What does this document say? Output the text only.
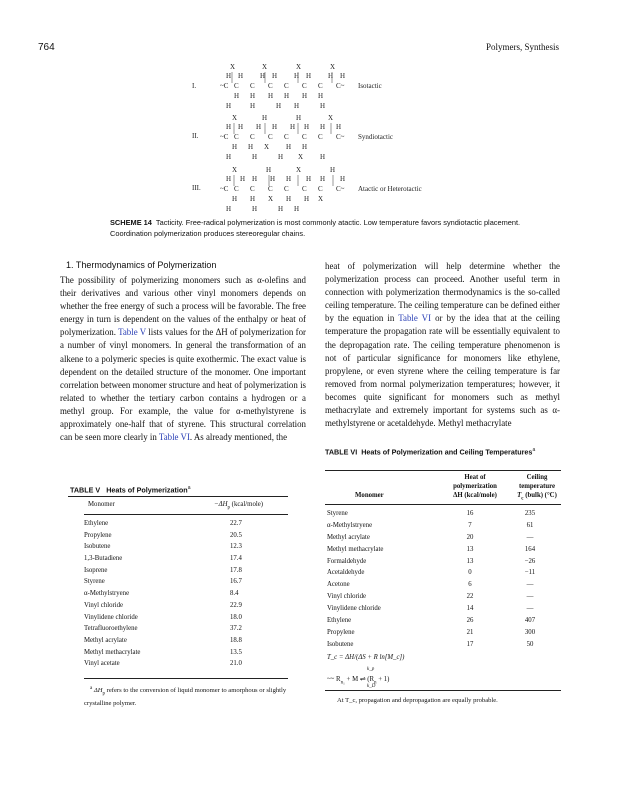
764	Polymers, Synthesis
I.
X	X	X	X
H H H H H H H H
~C C C C C C C C~
H H H H H H
H	H	H H	H
Isotactic
II.
X	H	H	X
H H H H H H H H
~C C C C C C C C~
H H X H H
H	H	H X H
Syndiotactic
III.
X	H	X	H
H H H H H H H H
~C C C C C C C C~
H H X H H X
H	H	H H
Atactic or Heterotactic
SCHEME 14 Tacticity. Free-radical polymerization is most commonly atactic. Low temperature favors syndiotactic placement. Coordination polymerization produces stereoregular chains.
1. Thermodynamics of Polymerization

The possibility of polymerizing monomers such as α-olefins and their derivatives and various other vinyl monomers depends on whether the free energy of such a process will be favorable. The free energy in turn is dependent on the values of the enthalpy or heat of polymerization. Table V lists values for the ΔH of polymerization for a number of vinyl monomers. In general the transformation of an alkene to a polymeric species is quite exothermic. The exact value is dependent on the detailed structure of the monomer. One important correlation between monomer structure and heat of polymerization is related to whether the tertiary carbon contains a hydrogen or a methyl group. For example, the value for α-methylstyrene is approximately one-half that of styrene. This structural correlation can be seen more clearly in Table VI. As already mentioned, the

heat of polymerization will help determine whether the polymerization process can proceed. Another useful term in connection with polymerization thermodynamics is the so-called ceiling temperature. The ceiling temperature can be defined either by the equation in Table VI or by the idea that at the ceiling temperature the propagation rate will be essentially equivalent to the depropagation rate. The ceiling temperature phenomenon is not of particular significance for monomers like ethylene, propylene, or even styrene where the ceiling temperature is far removed from normal polymerization temperatures; however, it becomes quite significant for monomers such as methyl methacrylate and extremely important for systems such as α-methylstyrene or acetaldehyde. Methyl methacrylate

TABLE V Heats of Polymerization$^a$
Monomer	$-\Delta H_p$ (kcal/mole)
Ethylene	22.7
Propylene	20.5
Isobutene	12.3
1,3-Butadiene	17.4
Isoprene	17.8
Styrene	16.7
α-Methylstryene	8.4
Vinyl chloride	22.9
Vinylidene chloride	18.0
Tetrafluoroethylene	37.2
Methyl acrylate	18.8
Methyl methacrylate	13.5
Vinyl acetate	21.0
$^a$ $\Delta H_p$ refers to the conversion of liquid monomer to amorphous or slightly crystalline polymer.
TABLE VI Heats of Polymerization and Ceiling Temperatures$^a$
Monomer
Heat of
polymerization
ΔH (kcal/mole)
Ceiling
temperature
$T_c$ (bulk) (°C)
Styrene	16	235
α-Methylstryene	7	61
Methyl acrylate	20	—
Methyl methacrylate	13	164
Formaldehyde	13	−26
Acetaldehyde	0	−11
Acetone	6	—
Vinyl chloride	22	—
Vinylidene chloride	14	—
Ethylene	26	407
Propylene	21	300
Isobutene	17	50
T_c = ΔH/(ΔS + R ln[M_c])
k_p
~~ $R_{n_1} + M$ ⇌ $(R_n + 1)$
k_D
At T_c, propagation and depropagation are equally probable.
